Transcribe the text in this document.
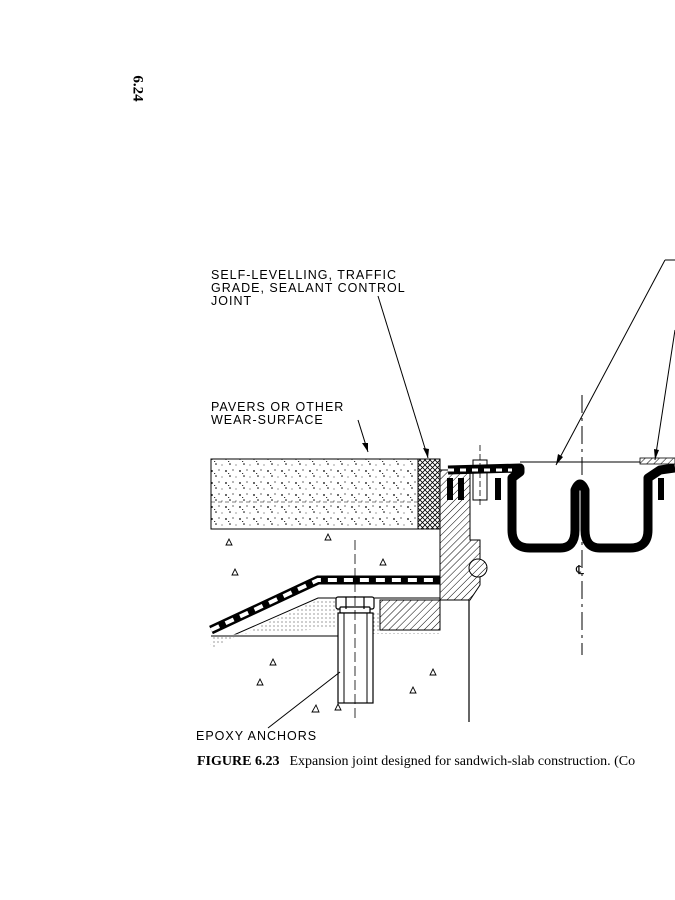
6.24
℄
SELF-LEVELLING, TRAFFIC
GRADE, SEALANT CONTROL
JOINT
PAVERS OR OTHER
WEAR-SURFACE
EPOXY ANCHORS
FIGURE 6.23 Expansion joint designed for sandwich-slab construction. (Co
